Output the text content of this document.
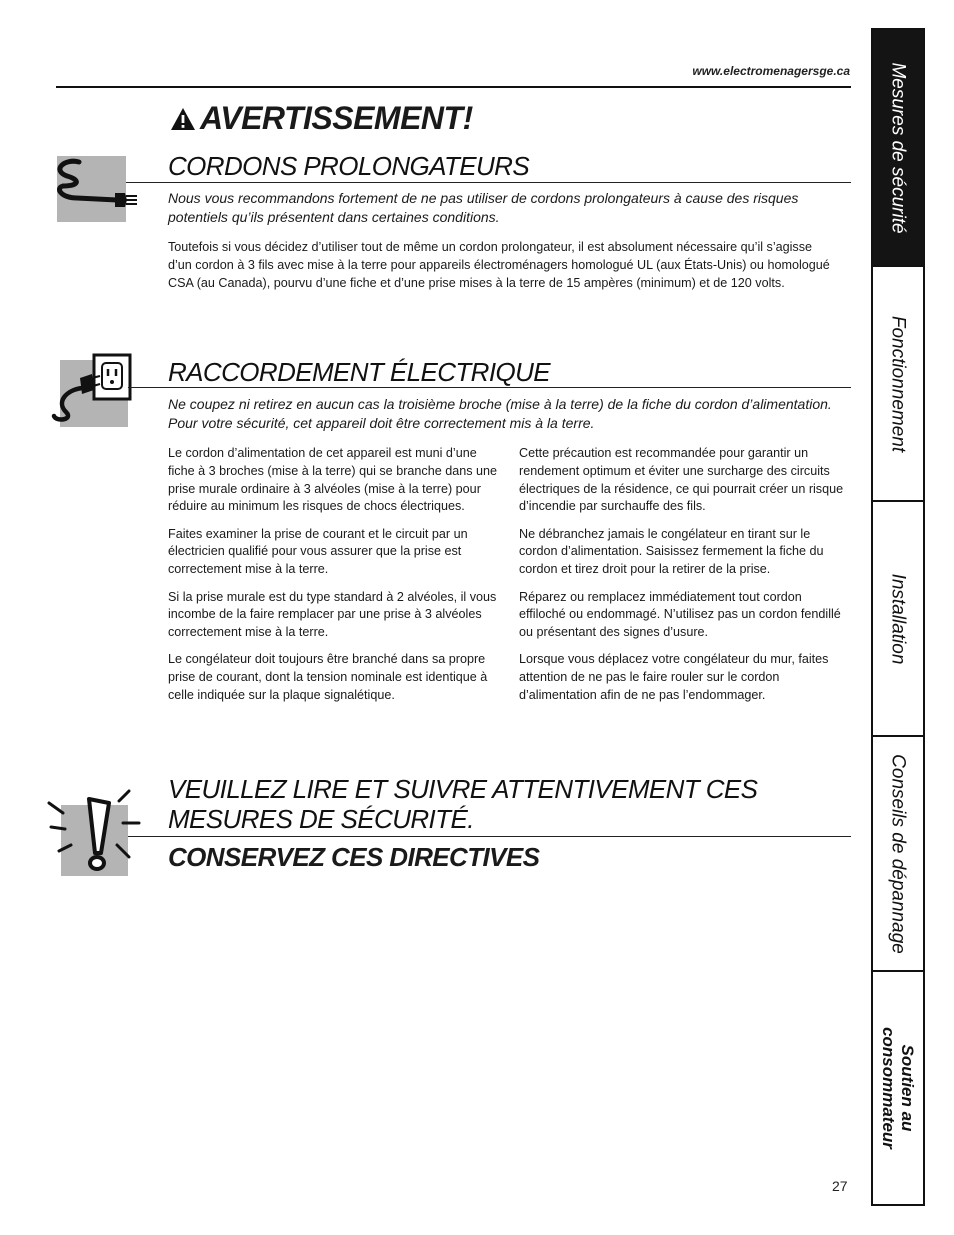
www.electromenagersge.ca
AVERTISSEMENT!
CORDONS PROLONGATEURS
Nous vous recommandons fortement de ne pas utiliser de cordons prolongateurs à cause des risques potentiels qu’ils présentent dans certaines conditions.
Toutefois si vous décidez d’utiliser tout de même un cordon prolongateur, il est absolument nécessaire qu’il s’agisse d’un cordon à 3 fils avec mise à la terre pour appareils électroménagers homologué UL (aux États-Unis) ou homologué CSA (au Canada), pourvu d’une fiche et d’une prise mises à la terre de 15 ampères (minimum) et de 120 volts.
RACCORDEMENT ÉLECTRIQUE
Ne coupez ni retirez en aucun cas la troisième broche (mise à la terre) de la fiche du cordon d’alimentation. Pour votre sécurité, cet appareil doit être correctement mis à la terre.

Le cordon d’alimentation de cet appareil est muni d’une fiche à 3 broches (mise à la terre) qui se branche dans une prise murale ordinaire à 3 alvéoles (mise à la terre) pour réduire au minimum les risques de chocs électriques.

Faites examiner la prise de courant et le circuit par un électricien qualifié pour vous assurer que la prise est correctement mise à la terre.

Si la prise murale est du type standard à 2 alvéoles, il vous incombe de la faire remplacer par une prise à 3 alvéoles correctement mise à la terre.

Le congélateur doit toujours être branché dans sa propre prise de courant, dont la tension nominale est identique à celle indiquée sur la plaque signalétique.

Cette précaution est recommandée pour garantir un rendement optimum et éviter une surcharge des circuits électriques de la résidence, ce qui pourrait créer un risque d’incendie par surchauffe des fils.

Ne débranchez jamais le congélateur en tirant sur le cordon d’alimentation. Saisissez fermement la fiche du cordon et tirez droit pour la retirer de la prise.

Réparez ou remplacez immédiatement tout cordon effiloché ou endommagé. N’utilisez pas un cordon fendillé ou présentant des signes d’usure.

Lorsque vous déplacez votre congélateur du mur, faites attention de ne pas le faire rouler sur le cordon d’alimentation afin de ne pas l’endommager.

VEUILLEZ LIRE ET SUIVRE ATTENTIVEMENT CES MESURES DE SÉCURITÉ.
CONSERVEZ CES DIRECTIVES
Mesures de sécurité
Fonctionnement
Installation
Conseils de dépannage
Soutien au consommateur
27
